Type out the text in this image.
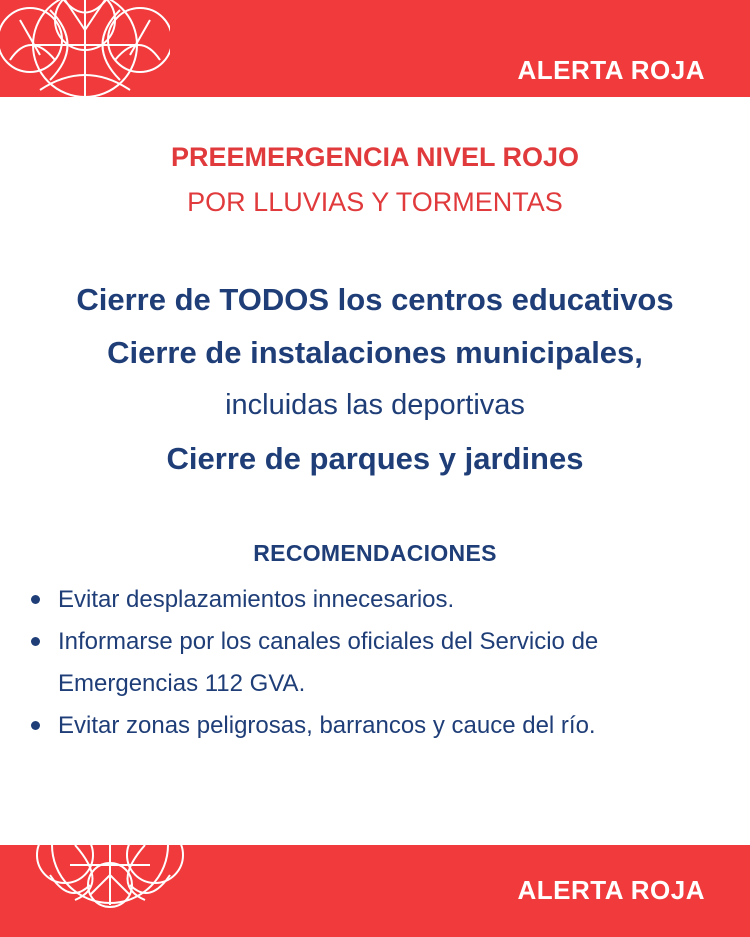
ALERTA ROJA
PREEMERGENCIA NIVEL ROJO
POR LLUVIAS Y TORMENTAS
Cierre de TODOS los centros educativos
Cierre de instalaciones municipales,
incluidas las deportivas
Cierre de parques y jardines
RECOMENDACIONES
Evitar desplazamientos innecesarios.
Informarse por los canales oficiales del Servicio de Emergencias 112 GVA.
Evitar zonas peligrosas, barrancos y cauce del río.
ALERTA ROJA
